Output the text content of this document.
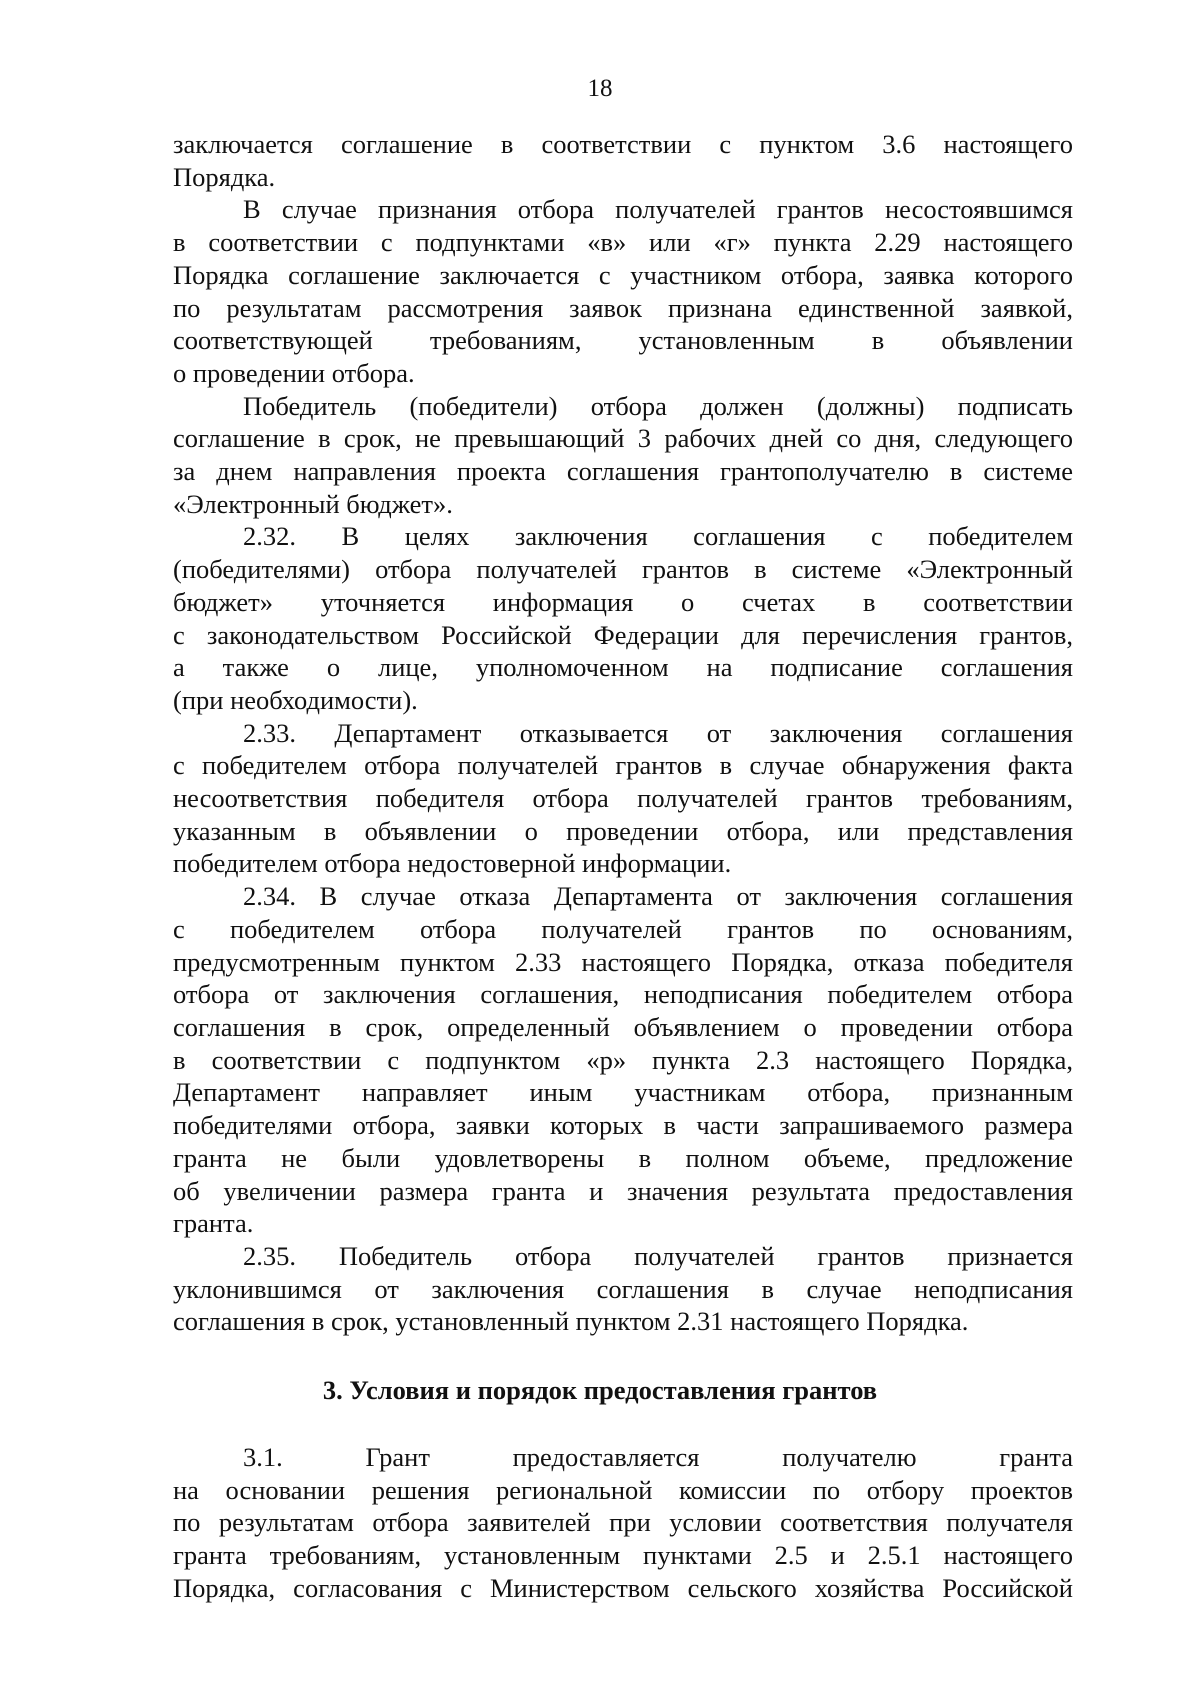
18
заключается соглашение в соответствии с пунктом 3.6 настоящего
Порядка.
В случае признания отбора получателей грантов несостоявшимся
в соответствии с подпунктами «в» или «г» пункта 2.29 настоящего
Порядка соглашение заключается с участником отбора, заявка которого
по результатам рассмотрения заявок признана единственной заявкой,
соответствующей требованиям, установленным в объявлении
о проведении отбора.
Победитель (победители) отбора должен (должны) подписать
соглашение в срок, не превышающий 3 рабочих дней со дня, следующего
за днем направления проекта соглашения грантополучателю в системе
«Электронный бюджет».
2.32. В целях заключения соглашения с победителем
(победителями) отбора получателей грантов в системе «Электронный
бюджет» уточняется информация о счетах в соответствии
с законодательством Российской Федерации для перечисления грантов,
а также о лице, уполномоченном на подписание соглашения
(при необходимости).
2.33. Департамент отказывается от заключения соглашения
с победителем отбора получателей грантов в случае обнаружения факта
несоответствия победителя отбора получателей грантов требованиям,
указанным в объявлении о проведении отбора, или представления
победителем отбора недостоверной информации.
2.34. В случае отказа Департамента от заключения соглашения
с победителем отбора получателей грантов по основаниям,
предусмотренным пунктом 2.33 настоящего Порядка, отказа победителя
отбора от заключения соглашения, неподписания победителем отбора
соглашения в срок, определенный объявлением о проведении отбора
в соответствии с подпунктом «р» пункта 2.3 настоящего Порядка,
Департамент направляет иным участникам отбора, признанным
победителями отбора, заявки которых в части запрашиваемого размера
гранта не были удовлетворены в полном объеме, предложение
об увеличении размера гранта и значения результата предоставления
гранта.
2.35. Победитель отбора получателей грантов признается
уклонившимся от заключения соглашения в случае неподписания
соглашения в срок, установленный пунктом 2.31 настоящего Порядка.
3. Условия и порядок предоставления грантов
3.1. Грант предоставляется получателю гранта
на основании решения региональной комиссии по отбору проектов
по результатам отбора заявителей при условии соответствия получателя
гранта требованиям, установленным пунктами 2.5 и 2.5.1 настоящего
Порядка, согласования с Министерством сельского хозяйства Российской
